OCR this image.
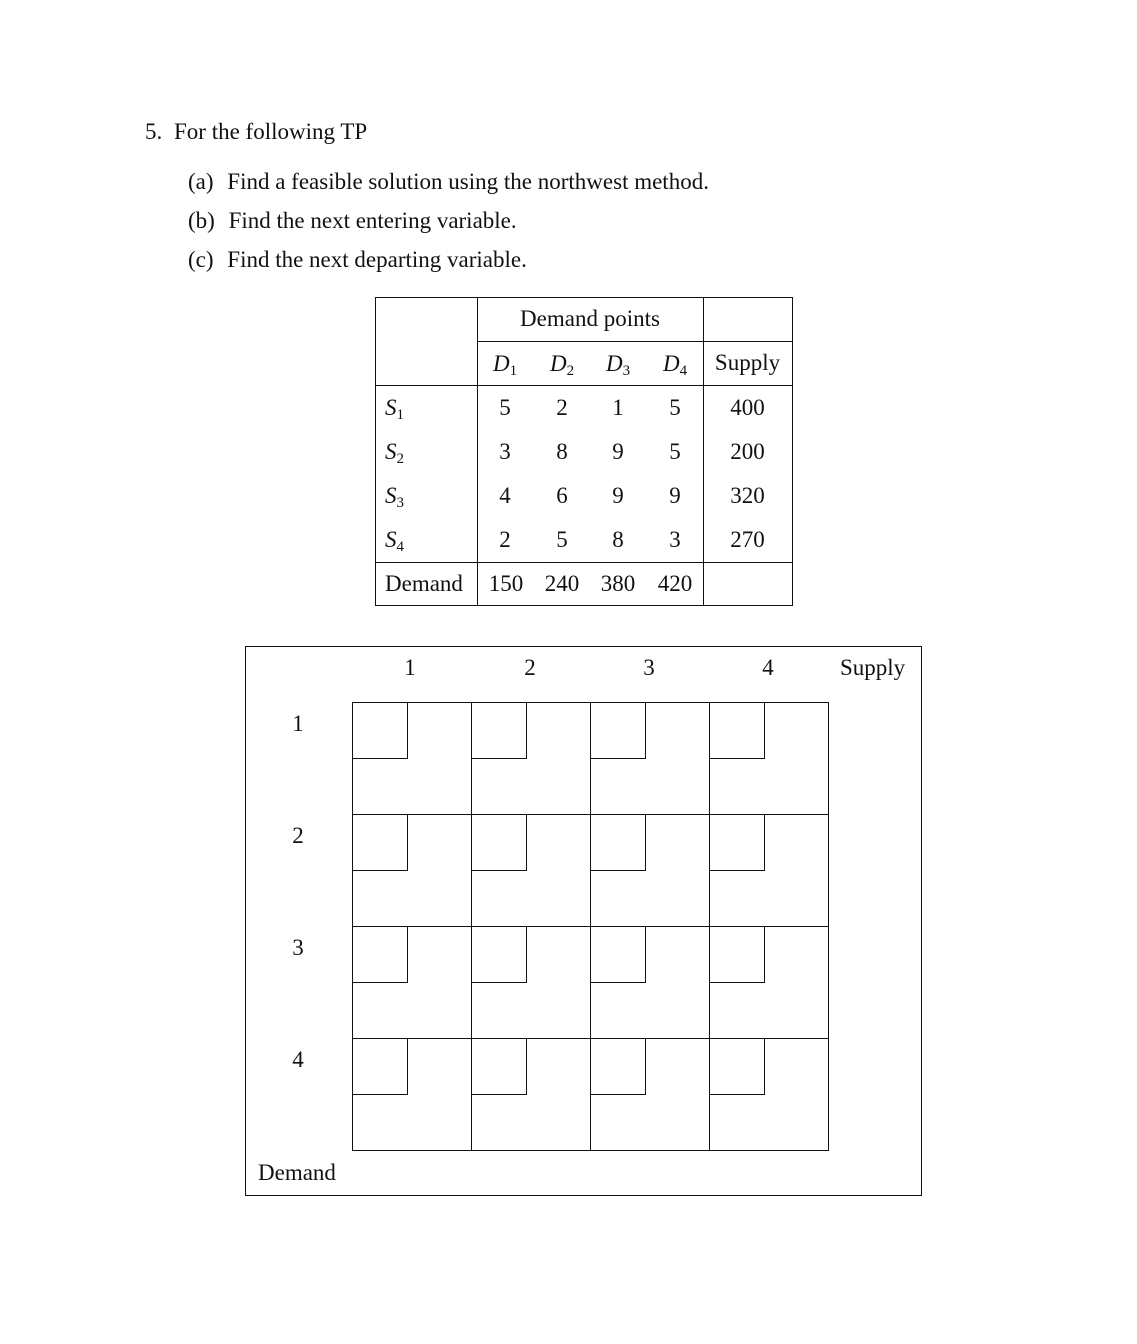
5. For the following TP
(a) Find a feasible solution using the northwest method.
(b) Find the next entering variable.
(c) Find the next departing variable.
Demand points
$D_1$	$D_2$	$D_3$	$D_4$	Supply
$S_1$	5	2	1	5	400
$S_2$	3	8	9	5	200
$S_3$	4	6	9	9	320
$S_4$	2	5	8	3	270
Demand 150 240 380 420
1	2	3	4	Supply
1
2
3
4
Demand
